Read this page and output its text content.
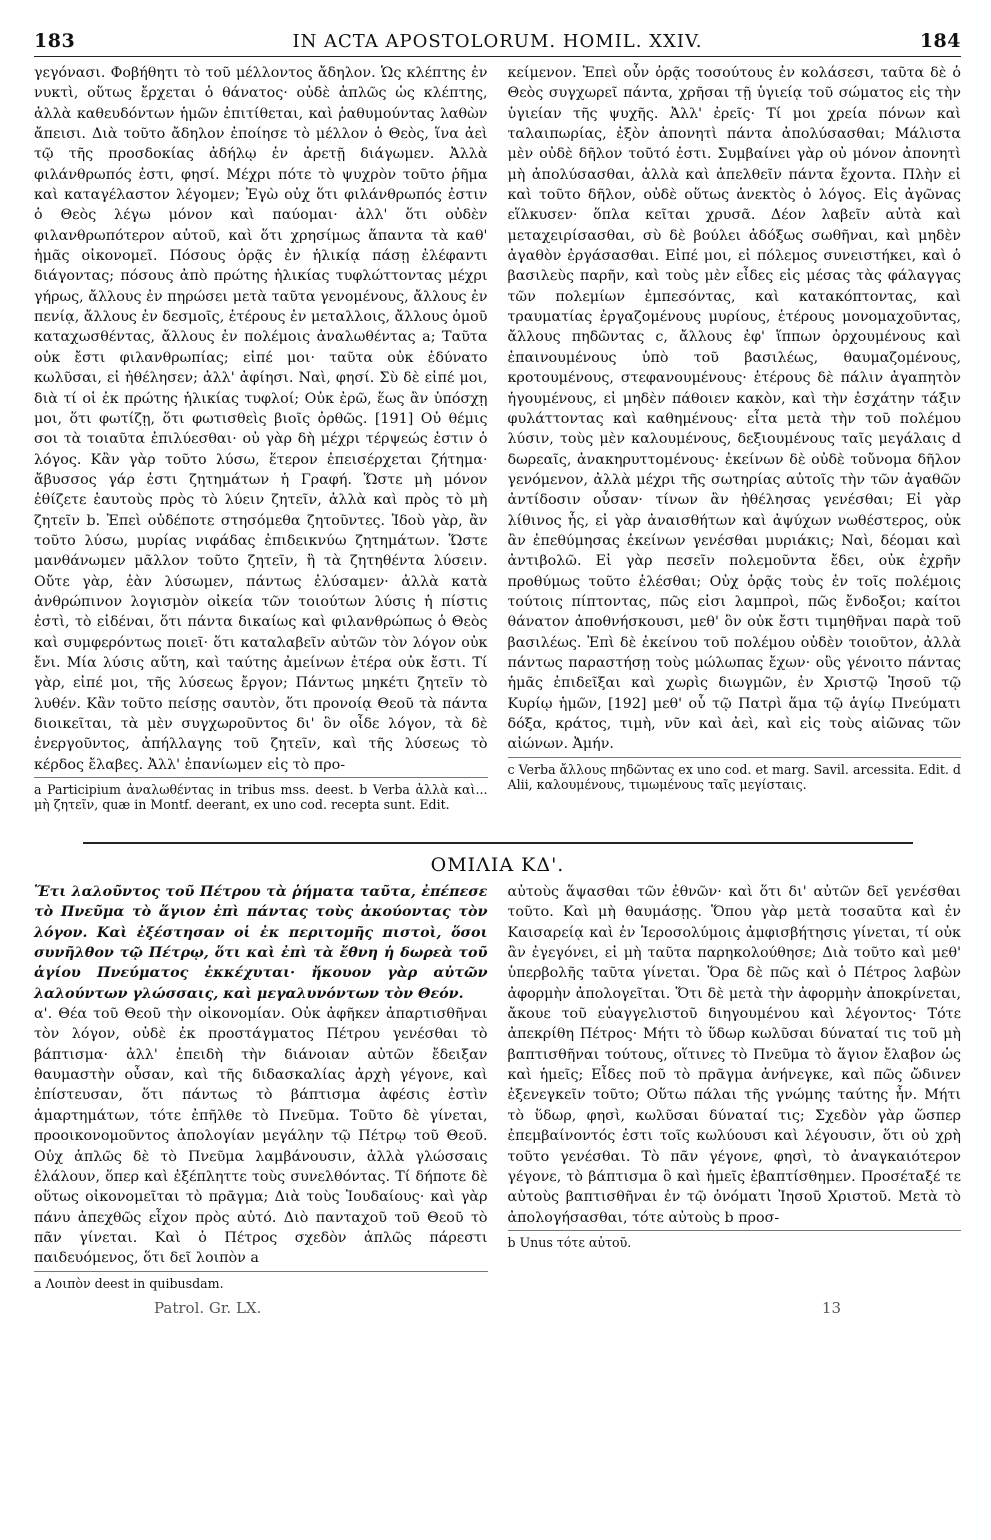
183	IN ACTA APOSTOLORUM. HOMIL. XXIV.	184

γεγόνασι. Φοβήθητι τὸ τοῦ μέλλοντος ἄδηλον. Ὡς κλέπτης ἐν νυκτὶ, οὕτως ἔρχεται ὁ θάνατος· οὐδὲ ἁπλῶς ὡς κλέπτης, ἀλλὰ καθευδόντων ἡμῶν ἐπιτίθεται, καὶ ῥαθυμούντας λαθὼν ἄπεισι. Διὰ τοῦτο ἄδηλον ἐποίησε τὸ μέλλον ὁ Θεὸς, ἵνα ἀεὶ τῷ τῆς προσδοκίας ἀδήλῳ ἐν ἀρετῇ διάγωμεν. Ἀλλὰ φιλάνθρωπός ἐστι, φησί. Μέχρι πότε τὸ ψυχρὸν τοῦτο ῥῆμα καὶ καταγέλαστον λέγομεν; Ἐγὼ οὐχ ὅτι φιλάνθρωπός ἐστιν ὁ Θεὸς λέγω μόνον καὶ παύομαι· ἀλλ' ὅτι οὐδὲν φιλανθρωπότερον αὐτοῦ, καὶ ὅτι χρησίμως ἅπαντα τὰ καθ' ἡμᾶς οἰκονομεῖ. Πόσους ὁρᾷς ἐν ἡλικίᾳ πάσῃ ἐλέφαντι διάγοντας; πόσους ἀπὸ πρώτης ἡλικίας τυφλώττοντας μέχρι γήρως, ἄλλους ἐν πηρώσει μετὰ ταῦτα γενομένους, ἄλλους ἐν πενίᾳ, ἄλλους ἐν δεσμοῖς, ἑτέρους ἐν μεταλλοις, ἄλλους ὁμοῦ καταχωσθέντας, ἄλλους ἐν πολέμοις ἀναλωθέντας a; Ταῦτα οὐκ ἔστι φιλανθρωπίας; εἰπέ μοι· ταῦτα οὐκ ἐδύνατο κωλῦσαι, εἰ ἠθέλησεν; ἀλλ' ἀφίησι. Ναὶ, φησί. Σὺ δὲ εἰπέ μοι, διὰ τί οἱ ἐκ πρώτης ἡλικίας τυφλοί; Οὐκ ἐρῶ, ἕως ἂν ὑπόσχῃ μοι, ὅτι φωτίζῃ, ὅτι φωτισθεὶς βιοῖς ὀρθῶς. [191] Οὐ θέμις σοι τὰ τοιαῦτα ἐπιλύεσθαι· οὐ γὰρ δὴ μέχρι τέρψεώς ἐστιν ὁ λόγος. Κἂν γὰρ τοῦτο λύσω, ἕτερον ἐπεισέρχεται ζήτημα· ἄβυσσος γάρ ἐστι ζητημάτων ἡ Γραφή. Ὥστε μὴ μόνον ἐθίζετε ἑαυτοὺς πρὸς τὸ λύειν ζητεῖν, ἀλλὰ καὶ πρὸς τὸ μὴ ζητεῖν b. Ἐπεὶ οὐδέποτε στησόμεθα ζητοῦντες. Ἰδοὺ γὰρ, ἂν τοῦτο λύσω, μυρίας νιφάδας ἐπιδεικνύω ζητημάτων. Ὥστε μανθάνωμεν μᾶλλον τοῦτο ζητεῖν, ἢ τὰ ζητηθέντα λύσειν. Οὔτε γὰρ, ἐὰν λύσωμεν, πάντως ἐλύσαμεν· ἀλλὰ κατὰ ἀνθρώπινον λογισμὸν οἰκεία τῶν τοιούτων λύσις ἡ πίστις ἐστὶ, τὸ εἰδέναι, ὅτι πάντα δικαίως καὶ φιλανθρώπως ὁ Θεὸς καὶ συμφερόντως ποιεῖ· ὅτι καταλαβεῖν αὐτῶν τὸν λόγον οὐκ ἔνι. Μία λύσις αὕτη, καὶ ταύτης ἀμείνων ἑτέρα οὐκ ἔστι. Τί γὰρ, εἰπέ μοι, τῆς λύσεως ἔργον; Πάντως μηκέτι ζητεῖν τὸ λυθέν. Κἂν τοῦτο πείσῃς σαυτὸν, ὅτι προνοίᾳ Θεοῦ τὰ πάντα διοικεῖται, τὰ μὲν συγχωροῦντος δι' ὃν οἶδε λόγον, τὰ δὲ ἐνεργοῦντος, ἀπήλλαγης τοῦ ζητεῖν, καὶ τῆς λύσεως τὸ κέρδος ἔλαβες. Ἀλλ' ἐπανίωμεν εἰς τὸ προ-

a Participium ἀναλωθέντας in tribus mss. deest. b Verba ἀλλὰ καὶ... μὴ ζητεῖν, quæ in Montf. deerant, ex uno cod. recepta sunt. Edit.

κείμενον. Ἐπεὶ οὖν ὁρᾷς τοσούτους ἐν κολάσεσι, ταῦτα δὲ ὁ Θεὸς συγχωρεῖ πάντα, χρῆσαι τῇ ὑγιείᾳ τοῦ σώματος εἰς τὴν ὑγιείαν τῆς ψυχῆς. Ἀλλ' ἐρεῖς· Τί μοι χρεία πόνων καὶ ταλαιπωρίας, ἐξὸν ἀπονητὶ πάντα ἀπολύσασθαι; Μάλιστα μὲν οὐδὲ δῆλον τοῦτό ἐστι. Συμβαίνει γὰρ οὐ μόνον ἀπονητὶ μὴ ἀπολύσασθαι, ἀλλὰ καὶ ἀπελθεῖν πάντα ἔχοντα. Πλὴν εἰ καὶ τοῦτο δῆλον, οὐδὲ οὕτως ἀνεκτὸς ὁ λόγος. Εἰς ἀγῶνας εἵλκυσεν· ὅπλα κεῖται χρυσᾶ. Δέον λαβεῖν αὐτὰ καὶ μεταχειρίσασθαι, σὺ δὲ βούλει ἀδόξως σωθῆναι, καὶ μηδὲν ἀγαθὸν ἐργάσασθαι. Εἰπέ μοι, εἰ πόλεμος συνειστήκει, καὶ ὁ βασιλεὺς παρῆν, καὶ τοὺς μὲν εἶδες εἰς μέσας τὰς φάλαγγας τῶν πολεμίων ἐμπεσόντας, καὶ κατακόπτοντας, καὶ τραυματίας ἐργαζομένους μυρίους, ἑτέρους μονομαχοῦντας, ἄλλους πηδῶντας c, ἄλλους ἐφ' ἵππων ὀρχουμένους καὶ ἐπαινουμένους ὑπὸ τοῦ βασιλέως, θαυμαζομένους, κροτουμένους, στεφανουμένους· ἑτέρους δὲ πάλιν ἀγαπητὸν ἡγουμένους, εἰ μηδὲν πάθοιεν κακὸν, καὶ τὴν ἐσχάτην τάξιν φυλάττοντας καὶ καθημένους· εἶτα μετὰ τὴν τοῦ πολέμου λύσιν, τοὺς μὲν καλουμένους, δεξιουμένους ταῖς μεγάλαις d δωρεαῖς, ἀνακηρυττομένους· ἐκείνων δὲ οὐδὲ τοὔνομα δῆλον γενόμενον, ἀλλὰ μέχρι τῆς σωτηρίας αὐτοῖς τὴν τῶν ἀγαθῶν ἀντίδοσιν οὖσαν· τίνων ἂν ἠθέλησας γενέσθαι; Εἰ γὰρ λίθινος ἦς, εἰ γὰρ ἀναισθήτων καὶ ἀψύχων νωθέστερος, οὐκ ἂν ἐπεθύμησας ἐκείνων γενέσθαι μυριάκις; Ναὶ, δέομαι καὶ ἀντιβολῶ. Εἰ γὰρ πεσεῖν πολεμοῦντα ἔδει, οὐκ ἐχρῆν προθύμως τοῦτο ἑλέσθαι; Οὐχ ὁρᾷς τοὺς ἐν τοῖς πολέμοις τούτοις πίπτοντας, πῶς εἰσι λαμπροὶ, πῶς ἔνδοξοι; καίτοι θάνατον ἀποθνήσκουσι, μεθ' ὃν οὐκ ἔστι τιμηθῆναι παρὰ τοῦ βασιλέως. Ἐπὶ δὲ ἐκείνου τοῦ πολέμου οὐδὲν τοιοῦτον, ἀλλὰ πάντως παραστήσῃ τοὺς μώλωπας ἔχων· οὓς γένοιτο πάντας ἡμᾶς ἐπιδεῖξαι καὶ χωρὶς διωγμῶν, ἐν Χριστῷ Ἰησοῦ τῷ Κυρίῳ ἡμῶν, [192] μεθ' οὗ τῷ Πατρὶ ἅμα τῷ ἁγίῳ Πνεύματι δόξα, κράτος, τιμὴ, νῦν καὶ ἀεὶ, καὶ εἰς τοὺς αἰῶνας τῶν αἰώνων. Ἀμήν.

c Verba ἄλλους πηδῶντας ex uno cod. et marg. Savil. arcessita. Edit. d Alii, καλουμένους, τιμωμένους ταῖς μεγίσταις.
ΟΜΙΛΙΑ ΚΔ'.

Ἔτι λαλοῦντος τοῦ Πέτρου τὰ ῥήματα ταῦτα, ἐπέπεσε τὸ Πνεῦμα τὸ ἅγιον ἐπὶ πάντας τοὺς ἀκούοντας τὸν λόγον. Καὶ ἐξέστησαν οἱ ἐκ περιτομῆς πιστοὶ, ὅσοι συνῆλθον τῷ Πέτρῳ, ὅτι καὶ ἐπὶ τὰ ἔθνη ἡ δωρεὰ τοῦ ἁγίου Πνεύματος ἐκκέχυται· ἤκουον γὰρ αὐτῶν λαλούντων γλώσσαις, καὶ μεγαλυνόντων τὸν Θεόν.

α'. Θέα τοῦ Θεοῦ τὴν οἰκονομίαν. Οὐκ ἀφῆκεν ἀπαρτισθῆναι τὸν λόγον, οὐδὲ ἐκ προστάγματος Πέτρου γενέσθαι τὸ βάπτισμα· ἀλλ' ἐπειδὴ τὴν διάνοιαν αὐτῶν ἔδειξαν θαυμαστὴν οὖσαν, καὶ τῆς διδασκαλίας ἀρχὴ γέγονε, καὶ ἐπίστευσαν, ὅτι πάντως τὸ βάπτισμα ἀφέσις ἐστὶν ἁμαρτημάτων, τότε ἐπῆλθε τὸ Πνεῦμα. Τοῦτο δὲ γίνεται, προοικονομοῦντος ἀπολογίαν μεγάλην τῷ Πέτρῳ τοῦ Θεοῦ. Οὐχ ἁπλῶς δὲ τὸ Πνεῦμα λαμβάνουσιν, ἀλλὰ γλώσσαις ἐλάλουν, ὅπερ καὶ ἐξέπληττε τοὺς συνελθόντας. Τί δήποτε δὲ οὕτως οἰκονομεῖται τὸ πρᾶγμα; Διὰ τοὺς Ἰουδαίους· καὶ γὰρ πάνυ ἀπεχθῶς εἶχον πρὸς αὐτό. Διὸ πανταχοῦ τοῦ Θεοῦ τὸ πᾶν γίνεται. Καὶ ὁ Πέτρος σχεδὸν ἁπλῶς πάρεστι παιδευόμενος, ὅτι δεῖ λοιπὸν a

a Λοιπὸν deest in quibusdam.

αὐτοὺς ἅψασθαι τῶν ἐθνῶν· καὶ ὅτι δι' αὐτῶν δεῖ γενέσθαι τοῦτο. Καὶ μὴ θαυμάσῃς. Ὅπου γὰρ μετὰ τοσαῦτα καὶ ἐν Καισαρείᾳ καὶ ἐν Ἱεροσολύμοις ἀμφισβήτησις γίνεται, τί οὐκ ἂν ἐγεγόνει, εἰ μὴ ταῦτα παρηκολούθησε; Διὰ τοῦτο καὶ μεθ' ὑπερβολῆς ταῦτα γίνεται. Ὅρα δὲ πῶς καὶ ὁ Πέτρος λαβὼν ἀφορμὴν ἀπολογεῖται. Ὅτι δὲ μετὰ τὴν ἀφορμὴν ἀποκρίνεται, ἄκουε τοῦ εὐαγγελιστοῦ διηγουμένου καὶ λέγοντος· Τότε ἀπεκρίθη Πέτρος· Μήτι τὸ ὕδωρ κωλῦσαι δύναταί τις τοῦ μὴ βαπτισθῆναι τούτους, οἵτινες τὸ Πνεῦμα τὸ ἅγιον ἔλαβον ὡς καὶ ἡμεῖς; Εἶδες ποῦ τὸ πρᾶγμα ἀνήνεγκε, καὶ πῶς ὤδινεν ἐξενεγκεῖν τοῦτο; Οὕτω πάλαι τῆς γνώμης ταύτης ἦν. Μήτι τὸ ὕδωρ, φησὶ, κωλῦσαι δύναταί τις; Σχεδὸν γὰρ ὥσπερ ἐπεμβαίνοντός ἐστι τοῖς κωλύουσι καὶ λέγουσιν, ὅτι οὐ χρὴ τοῦτο γενέσθαι. Τὸ πᾶν γέγονε, φησὶ, τὸ ἀναγκαιότερον γέγονε, τὸ βάπτισμα ὃ καὶ ἡμεῖς ἐβαπτίσθημεν. Προσέταξέ τε αὐτοὺς βαπτισθῆναι ἐν τῷ ὀνόματι Ἰησοῦ Χριστοῦ. Μετὰ τὸ ἀπολογήσασθαι, τότε αὐτοὺς b προσ-

b Unus τότε αὐτοῦ.
Patrol. Gr. LX.	13
